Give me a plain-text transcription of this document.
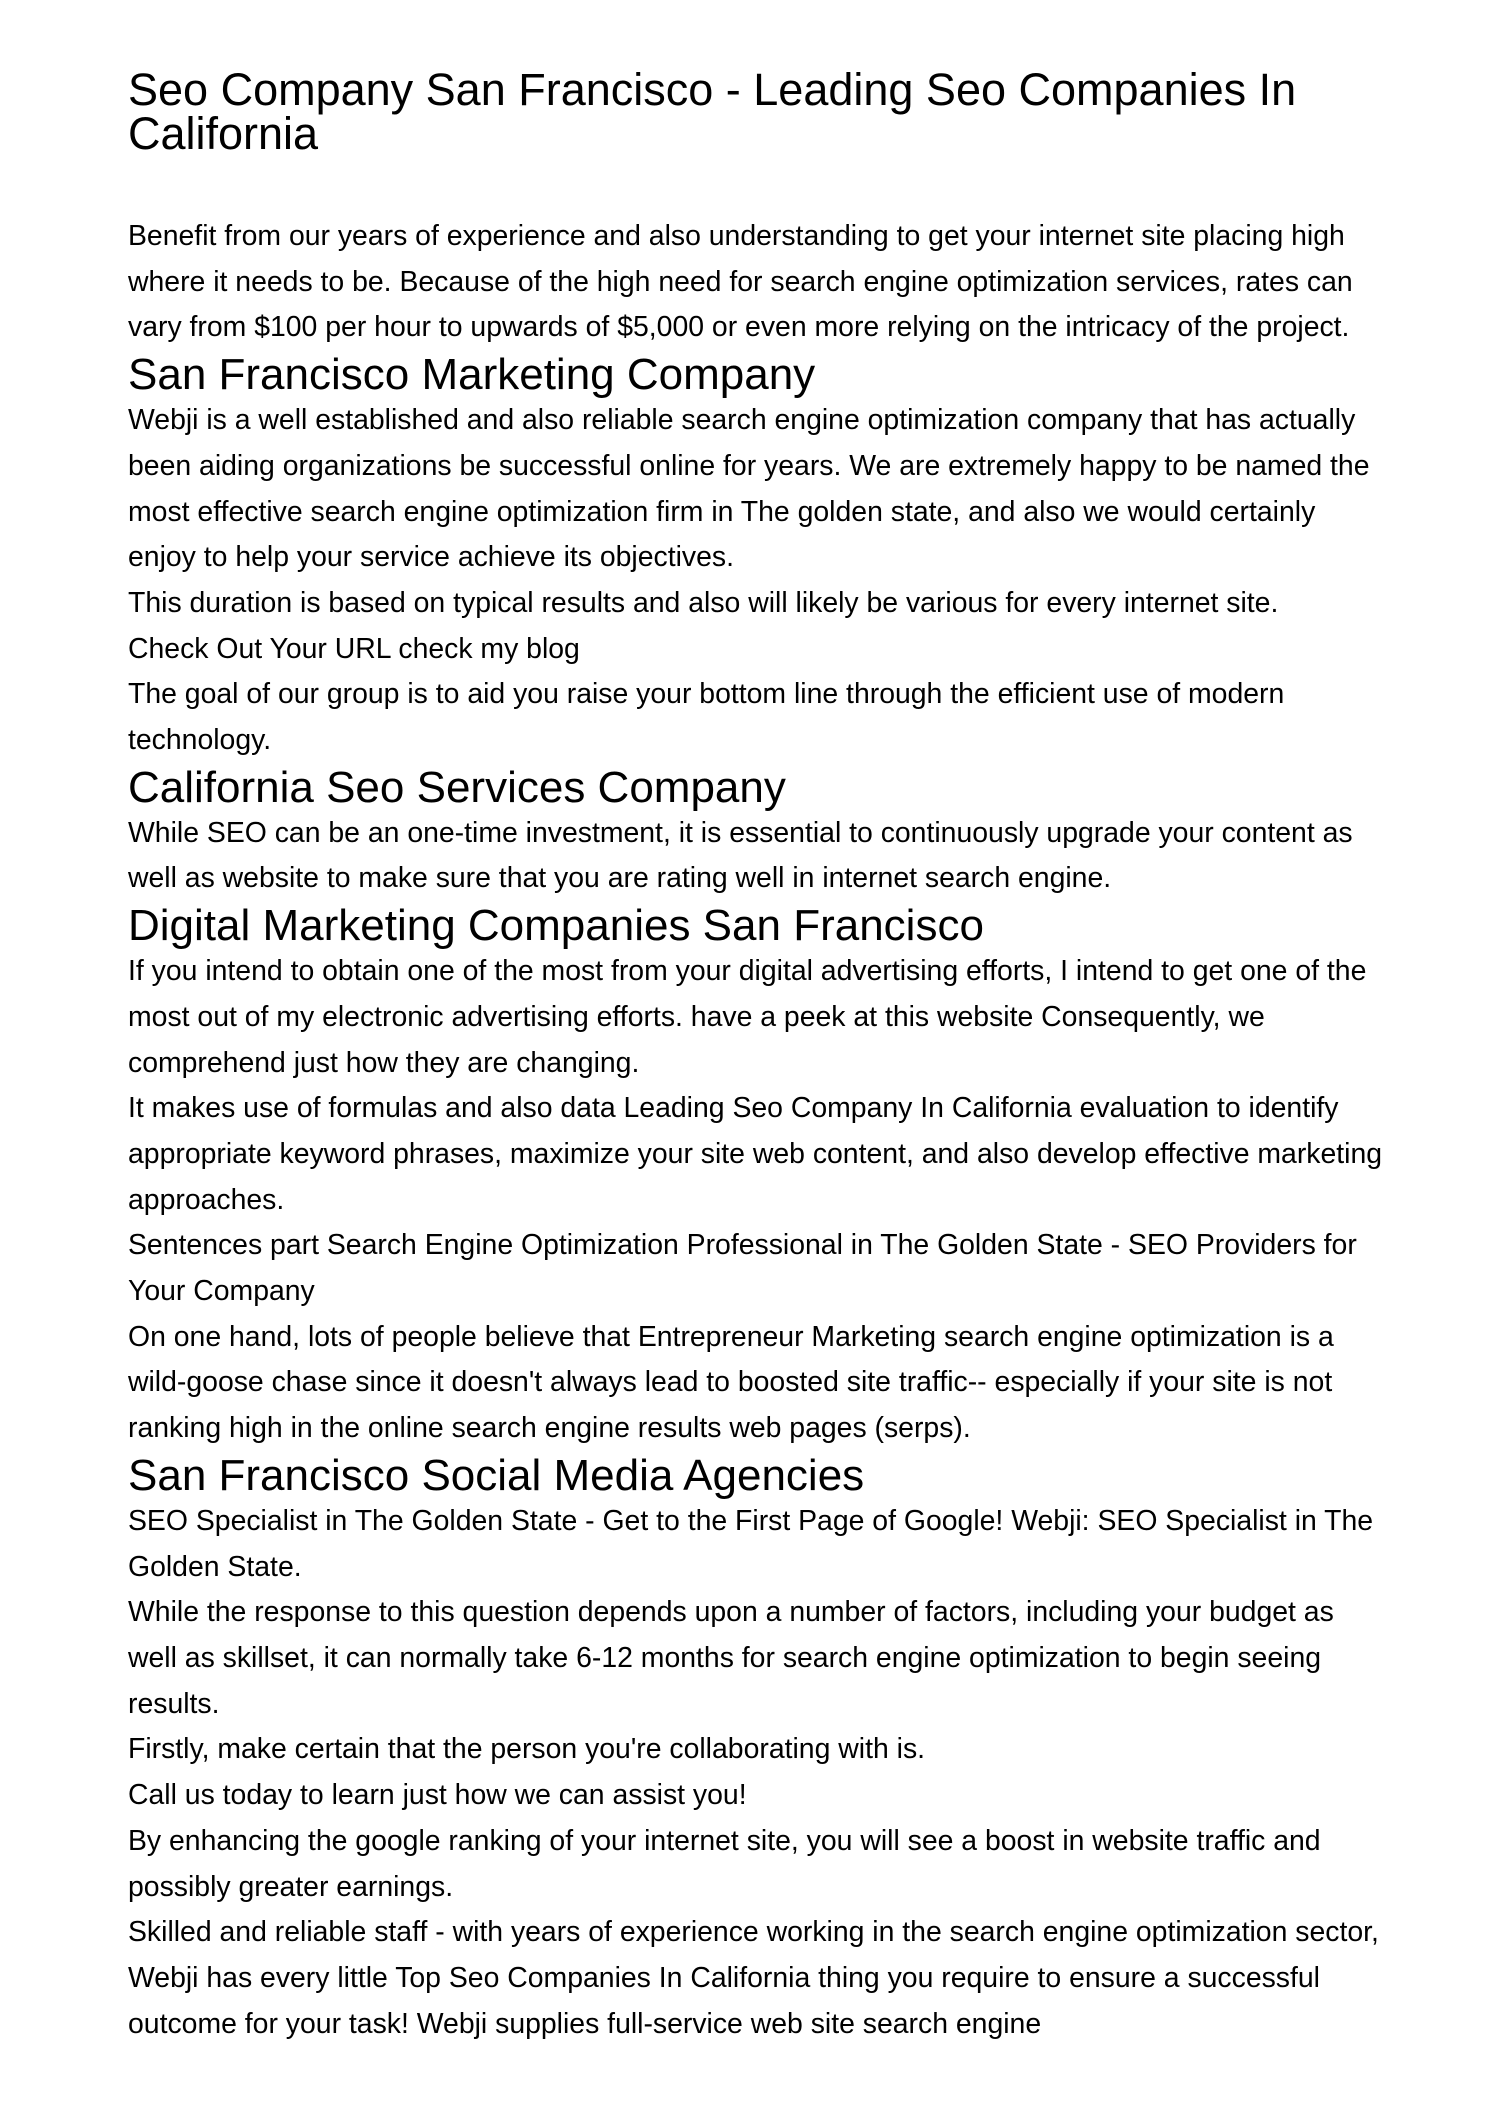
Seo Company San Francisco - Leading Seo Companies In California

Benefit from our years of experience and also understanding to get your internet site placing high where it needs to be. Because of the high need for search engine optimization services, rates can vary from $100 per hour to upwards of $5,000 or even more relying on the intricacy of the project.

San Francisco Marketing Company

Webji is a well established and also reliable search engine optimization company that has actually been aiding organizations be successful online for years. We are extremely happy to be named the most effective search engine optimization firm in The golden state, and also we would certainly enjoy to help your service achieve its objectives.

This duration is based on typical results and also will likely be various for every internet site.

Check Out Your URL check my blog

The goal of our group is to aid you raise your bottom line through the efficient use of modern technology.

California Seo Services Company

While SEO can be an one-time investment, it is essential to continuously upgrade your content as well as website to make sure that you are rating well in internet search engine.

Digital Marketing Companies San Francisco

If you intend to obtain one of the most from your digital advertising efforts, I intend to get one of the most out of my electronic advertising efforts. have a peek at this website Consequently, we comprehend just how they are changing.

It makes use of formulas and also data Leading Seo Company In California evaluation to identify appropriate keyword phrases, maximize your site web content, and also develop effective marketing approaches.

Sentences part Search Engine Optimization Professional in The Golden State - SEO Providers for Your Company

On one hand, lots of people believe that Entrepreneur Marketing search engine optimization is a wild-goose chase since it doesn't always lead to boosted site traffic-- especially if your site is not ranking high in the online search engine results web pages (serps).

San Francisco Social Media Agencies

SEO Specialist in The Golden State - Get to the First Page of Google! Webji: SEO Specialist in The Golden State.

While the response to this question depends upon a number of factors, including your budget as well as skillset, it can normally take 6-12 months for search engine optimization to begin seeing results.

Firstly, make certain that the person you're collaborating with is.

Call us today to learn just how we can assist you!

By enhancing the google ranking of your internet site, you will see a boost in website traffic and possibly greater earnings.

Skilled and reliable staff - with years of experience working in the search engine optimization sector, Webji has every little Top Seo Companies In California thing you require to ensure a successful outcome for your task! Webji supplies full-service web site search engine
